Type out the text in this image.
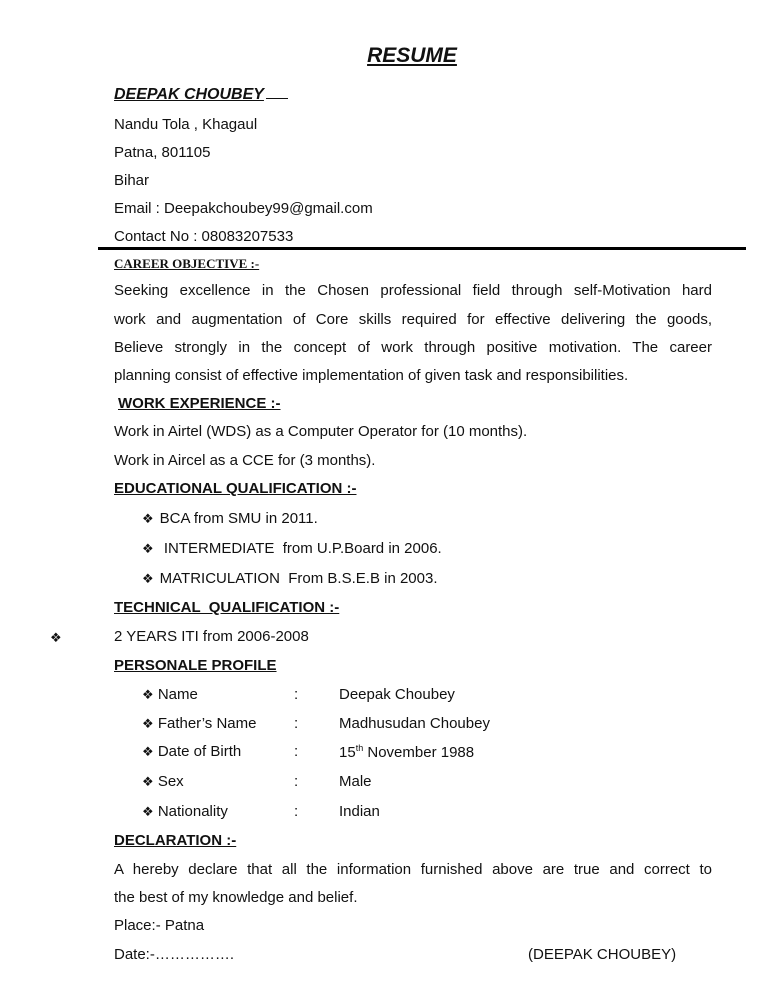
RESUME
DEEPAK CHOUBEY
Nandu Tola , Khagaul
Patna, 801105
Bihar
Email : Deepakchoubey99@gmail.com
Contact No : 08083207533
CAREER OBJECTIVE :-
Seeking excellence in the Chosen professional field through self-Motivation hard
work and augmentation of Core skills required for effective delivering the goods,
Believe strongly in the concept of work through positive motivation. The career
planning consist of effective implementation of given task and responsibilities.
WORK EXPERIENCE :-
Work in Airtel (WDS) as a Computer Operator for (10 months).
Work in Aircel as a CCE for (3 months).
EDUCATIONAL QUALIFICATION :-
❖ BCA from SMU in 2011.
❖ INTERMEDIATE  from U.P.Board in 2006.
❖ MATRICULATION  From B.S.E.B in 2003.
TECHNICAL  QUALIFICATION :-
❖	2 YEARS ITI from 2006-2008
PERSONALE PROFILE
❖ Name	:	Deepak Choubey
❖ Father’s Name	:	Madhusudan Choubey
❖ Date of Birth	:	15th November 1988
❖ Sex	:	Male
❖ Nationality	:	Indian
DECLARATION :-
A hereby declare that all the information furnished above are true and correct to
the best of my knowledge and belief.
Place:- Patna
Date:-…………….	(DEEPAK CHOUBEY)
